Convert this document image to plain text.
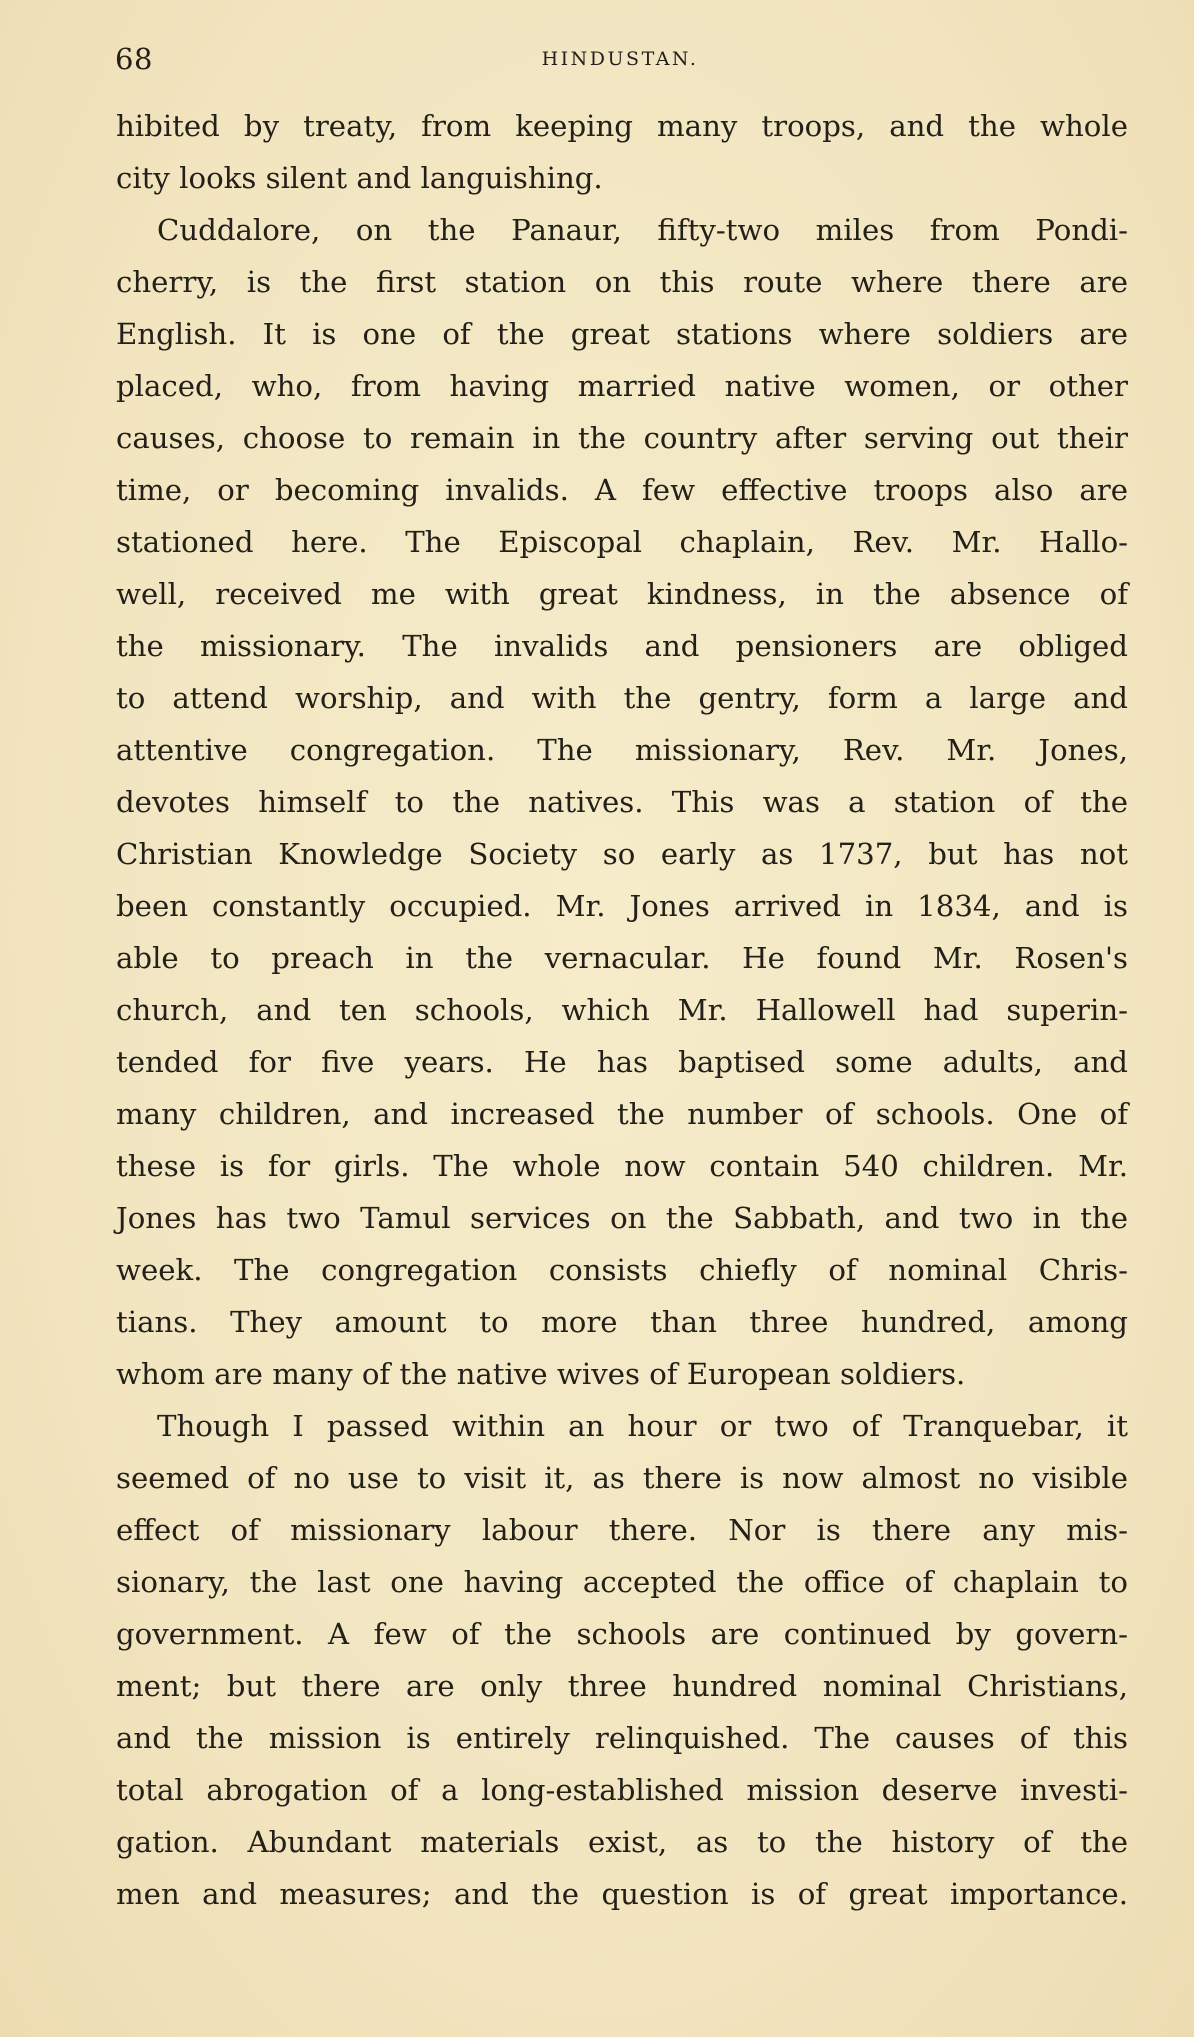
68	HINDUSTAN.
hibited by treaty, from keeping many troops, and the whole
city looks silent and languishing.
Cuddalore, on the Panaur, fifty-two miles from Pondi-
cherry, is the first station on this route where there are
English. It is one of the great stations where soldiers are
placed, who, from having married native women, or other
causes, choose to remain in the country after serving out their
time, or becoming invalids. A few effective troops also are
stationed here. The Episcopal chaplain, Rev. Mr. Hallo-
well, received me with great kindness, in the absence of
the missionary. The invalids and pensioners are obliged
to attend worship, and with the gentry, form a large and
attentive congregation. The missionary, Rev. Mr. Jones,
devotes himself to the natives. This was a station of the
Christian Knowledge Society so early as 1737, but has not
been constantly occupied. Mr. Jones arrived in 1834, and is
able to preach in the vernacular. He found Mr. Rosen's
church, and ten schools, which Mr. Hallowell had superin-
tended for five years. He has baptised some adults, and
many children, and increased the number of schools. One of
these is for girls. The whole now contain 540 children. Mr.
Jones has two Tamul services on the Sabbath, and two in the
week. The congregation consists chiefly of nominal Chris-
tians. They amount to more than three hundred, among
whom are many of the native wives of European soldiers.
Though I passed within an hour or two of Tranquebar, it
seemed of no use to visit it, as there is now almost no visible
effect of missionary labour there. Nor is there any mis-
sionary, the last one having accepted the office of chaplain to
government. A few of the schools are continued by govern-
ment; but there are only three hundred nominal Christians,
and the mission is entirely relinquished. The causes of this
total abrogation of a long-established mission deserve investi-
gation. Abundant materials exist, as to the history of the
men and measures; and the question is of great importance.
